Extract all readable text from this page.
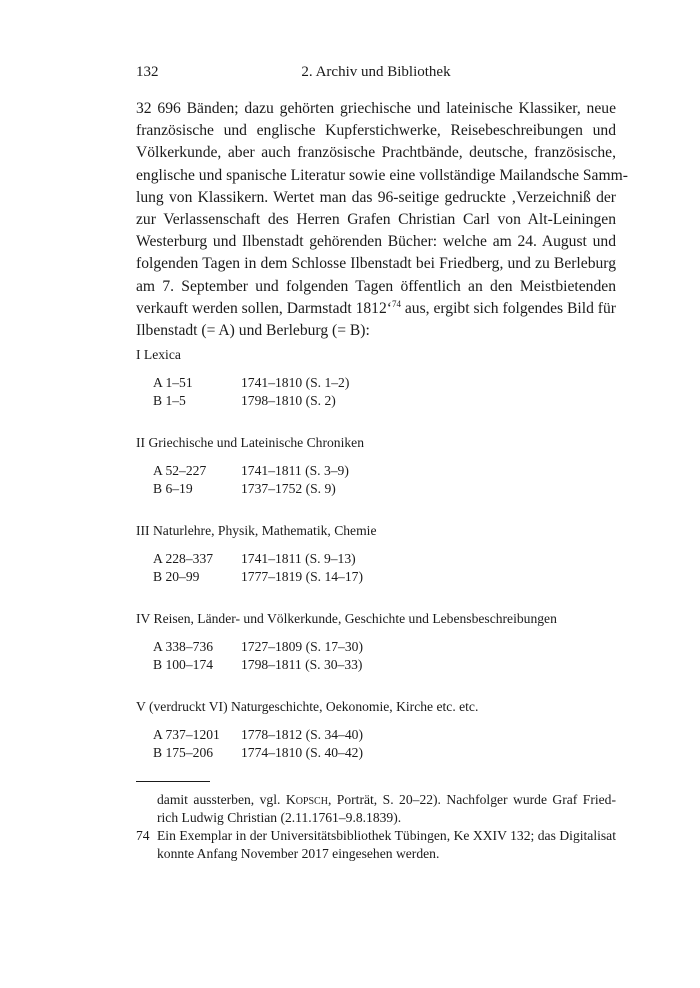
132	2. Archiv und Bibliothek
32 696 Bänden; dazu gehörten griechische und lateinische Klassiker, neue
französische und englische Kupferstichwerke, Reisebeschreibungen und
Völkerkunde, aber auch französische Prachtbände, deutsche, französische,
englische und spanische Literatur sowie eine vollständige Mailandsche Samm-
lung von Klassikern. Wertet man das 96-seitige gedruckte ‚Verzeichniß der
zur Verlassenschaft des Herren Grafen Christian Carl von Alt-Leiningen
Westerburg und Ilbenstadt gehörenden Bücher: welche am 24. August und
folgenden Tagen in dem Schlosse Ilbenstadt bei Friedberg, und zu Berleburg
am 7. September und folgenden Tagen öffentlich an den Meistbietenden
verkauft werden sollen, Darmstadt 1812‘$^{74}$ aus, ergibt sich folgendes Bild für
Ilbenstadt (= A) und Berleburg (= B):
I Lexica
A 1–51	1741–1810 (S. 1–2)
B 1–5	1798–1810 (S. 2)
II Griechische und Lateinische Chroniken
A 52–227	1741–1811 (S. 3–9)
B 6–19	1737–1752 (S. 9)
III Naturlehre, Physik, Mathematik, Chemie
A 228–337	1741–1811 (S. 9–13)
B 20–99	1777–1819 (S. 14–17)
IV Reisen, Länder- und Völkerkunde, Geschichte und Lebensbeschreibungen
A 338–736	1727–1809 (S. 17–30)
B 100–174	1798–1811 (S. 30–33)
V (verdruckt VI) Naturgeschichte, Oekonomie, Kirche etc. etc.
A 737–1201	1778–1812 (S. 34–40)
B 175–206	1774–1810 (S. 40–42)
damit aussterben, vgl. Kopsch, Porträt, S. 20–22). Nachfolger wurde Graf Fried-
rich Ludwig Christian (2.11.1761–9.8.1839).
74 Ein Exemplar in der Universitätsbibliothek Tübingen, Ke XXIV 132; das Digitalisat
konnte Anfang November 2017 eingesehen werden.
